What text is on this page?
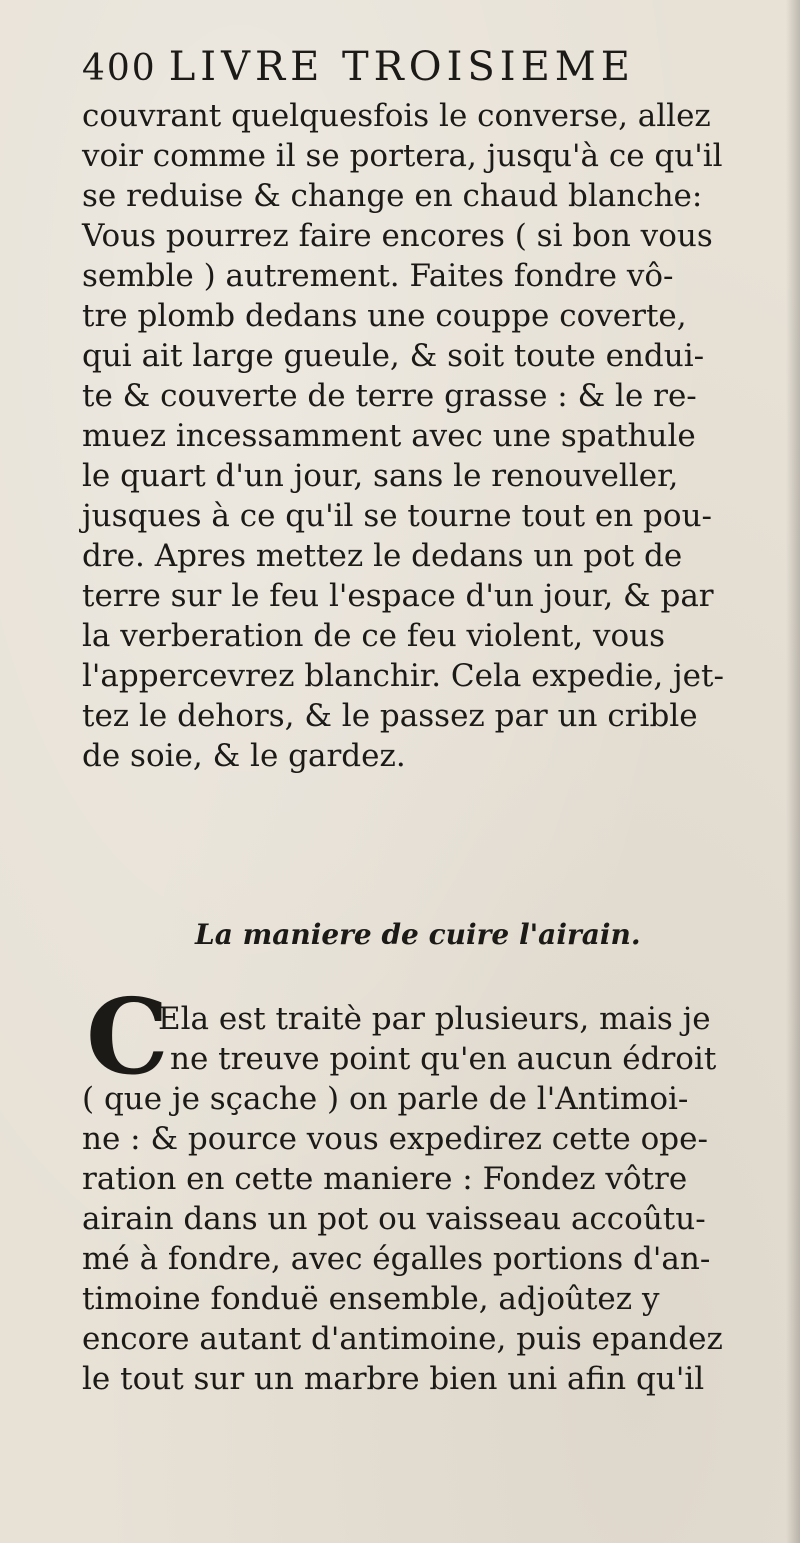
400 LIVRE TROISIEME
couvrant quelquesfois le converse, allez
voir comme il se portera, jusqu'à ce qu'il
se reduise & change en chaud blanche:
Vous pourrez faire encores ( si bon vous
semble ) autrement. Faites fondre vô-
tre plomb dedans une couppe coverte,
qui ait large gueule, & soit toute endui-
te & couverte de terre grasse : & le re-
muez incessamment avec une spathule
le quart d'un jour, sans le renouveller,
jusques à ce qu'il se tourne tout en pou-
dre. Apres mettez le dedans un pot de
terre sur le feu l'espace d'un jour, & par
la verberation de ce feu violent, vous
l'appercevrez blanchir. Cela expedie, jet-
tez le dehors, & le passez par un crible
de soie, & le gardez.
La maniere de cuire l'airain.
C
Ela est traitè par plusieurs, mais je
ne treuve point qu'en aucun édroit
( que je sçache ) on parle de l'Antimoi-
ne : & pource vous expedirez cette ope-
ration en cette maniere : Fondez vôtre
airain dans un pot ou vaisseau accoûtu-
mé à fondre, avec égalles portions d'an-
timoine fonduë ensemble, adjoûtez y
encore autant d'antimoine, puis epandez
le tout sur un marbre bien uni afin qu'il
